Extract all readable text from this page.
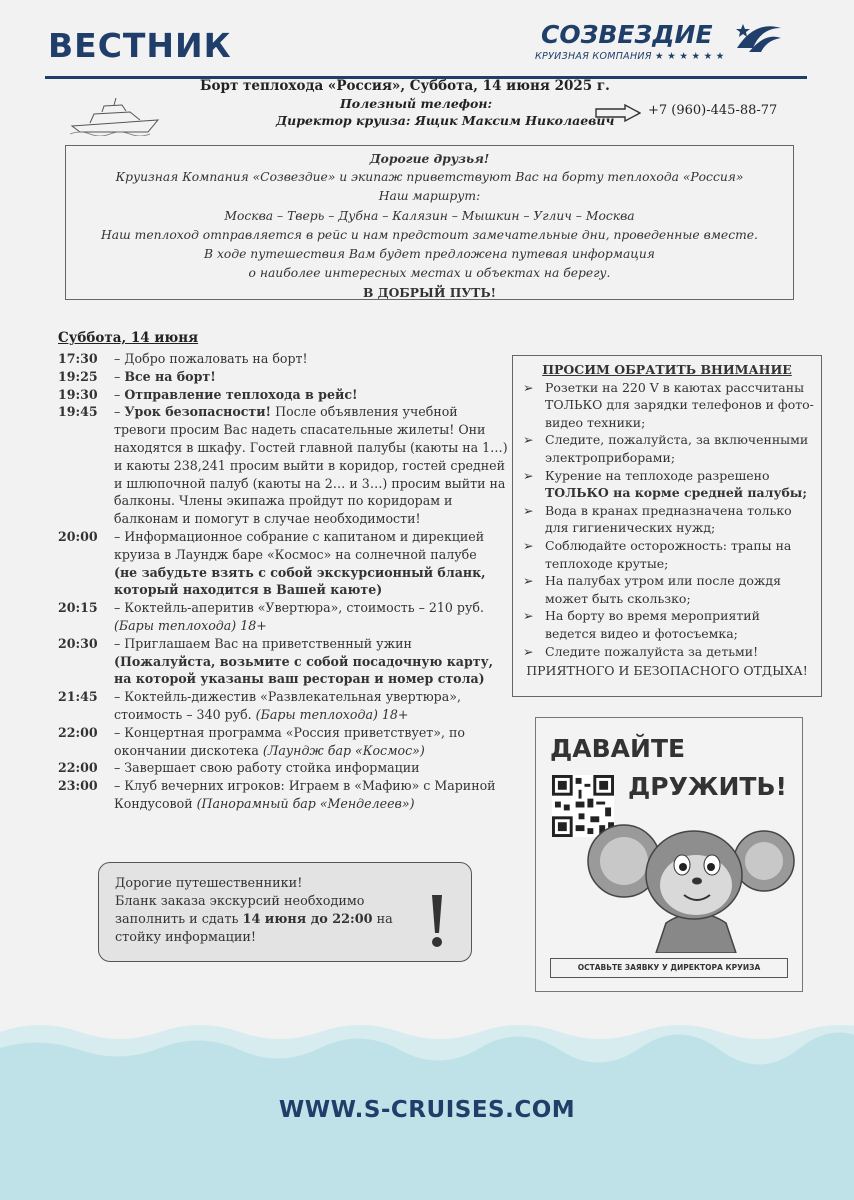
ВЕСТНИК	СОЗВЕЗДИЕ
КРУИЗНАЯ КОМПАНИЯ ★ ★ ★ ★ ★ ★
Борт теплохода «Россия», Суббота, 14 июня 2025 г.
Полезный телефон:
Директор круиза: Ящик Максим Николаевич
+7 (960)-445-88-77
Дорогие друзья!
Круизная Компания «Созвездие» и экипаж приветствуют Вас на борту теплохода «Россия»
Наш маршрут:
Москва – Тверь – Дубна – Калязин – Мышкин – Углич – Москва
Наш теплоход отправляется в рейс и нам предстоит замечательные дни, проведенные вместе.
В ходе путешествия Вам будет предложена путевая информация
о наиболее интересных местах и объектах на берегу.
В ДОБРЫЙ ПУТЬ!
Суббота, 14 июня
17:30	– Добро пожаловать на борт!
19:25	– Все на борт!
19:30	– Отправление теплохода в рейс!
19:45	– Урок безопасности! После объявления учебной тревоги просим Вас надеть спасательные жилеты! Они находятся в шкафу. Гостей главной палубы (каюты на 1…) и каюты 238,241 просим выйти в коридор, гостей средней и шлюпочной палуб (каюты на 2… и 3…) просим выйти на балконы. Члены экипажа пройдут по коридорам и балконам и помогут в случае необходимости!
20:00	– Информационное собрание с капитаном и дирекцией круиза в Лаундж баре «Космос» на солнечной палубе
(не забудьте взять с собой экскурсионный бланк, который находится в Вашей каюте)
20:15	– Коктейль-аперитив «Увертюра», стоимость – 210 руб.
(Бары теплохода) 18+
20:30	– Приглашаем Вас на приветственный ужин
(Пожалуйста, возьмите с собой посадочную карту, на которой указаны ваш ресторан и номер стола)
21:45	– Коктейль-дижестив «Развлекательная увертюра», стоимость – 340 руб. (Бары теплохода) 18+
22:00	– Концертная программа «Россия приветствует», по окончании дискотека (Лаундж бар «Космос»)
22:00	– Завершает свою работу стойка информации
23:00	– Клуб вечерних игроков: Играем в «Мафию» с Мариной Кондусовой (Панорамный бар «Менделеев»)
ПРОСИМ ОБРАТИТЬ ВНИМАНИЕ
➢ Розетки на 220 V в каютах рассчитаны ТОЛЬКО для зарядки телефонов и фото-видео техники;
➢ Следите, пожалуйста, за включенными электроприборами;
➢ Курение на теплоходе разрешено ТОЛЬКО на корме средней палубы;
➢ Вода в кранах предназначена только для гигиенических нужд;
➢ Соблюдайте осторожность: трапы на теплоходе крутые;
➢ На палубах утром или после дождя может быть скользко;
➢ На борту во время мероприятий ведется видео и фотосъемка;
➢ Следите пожалуйста за детьми!
ПРИЯТНОГО И БЕЗОПАСНОГО ОТДЫХА!
Дорогие путешественники!
Бланк заказа экскурсий необходимо заполнить и сдать 14 июня до 22:00 на стойку информации!
ДАВАЙТЕ
ДРУЖИТЬ!
ОСТАВЬТЕ ЗАЯВКУ У ДИРЕКТОРА КРУИЗА
WWW.S-CRUISES.COM
